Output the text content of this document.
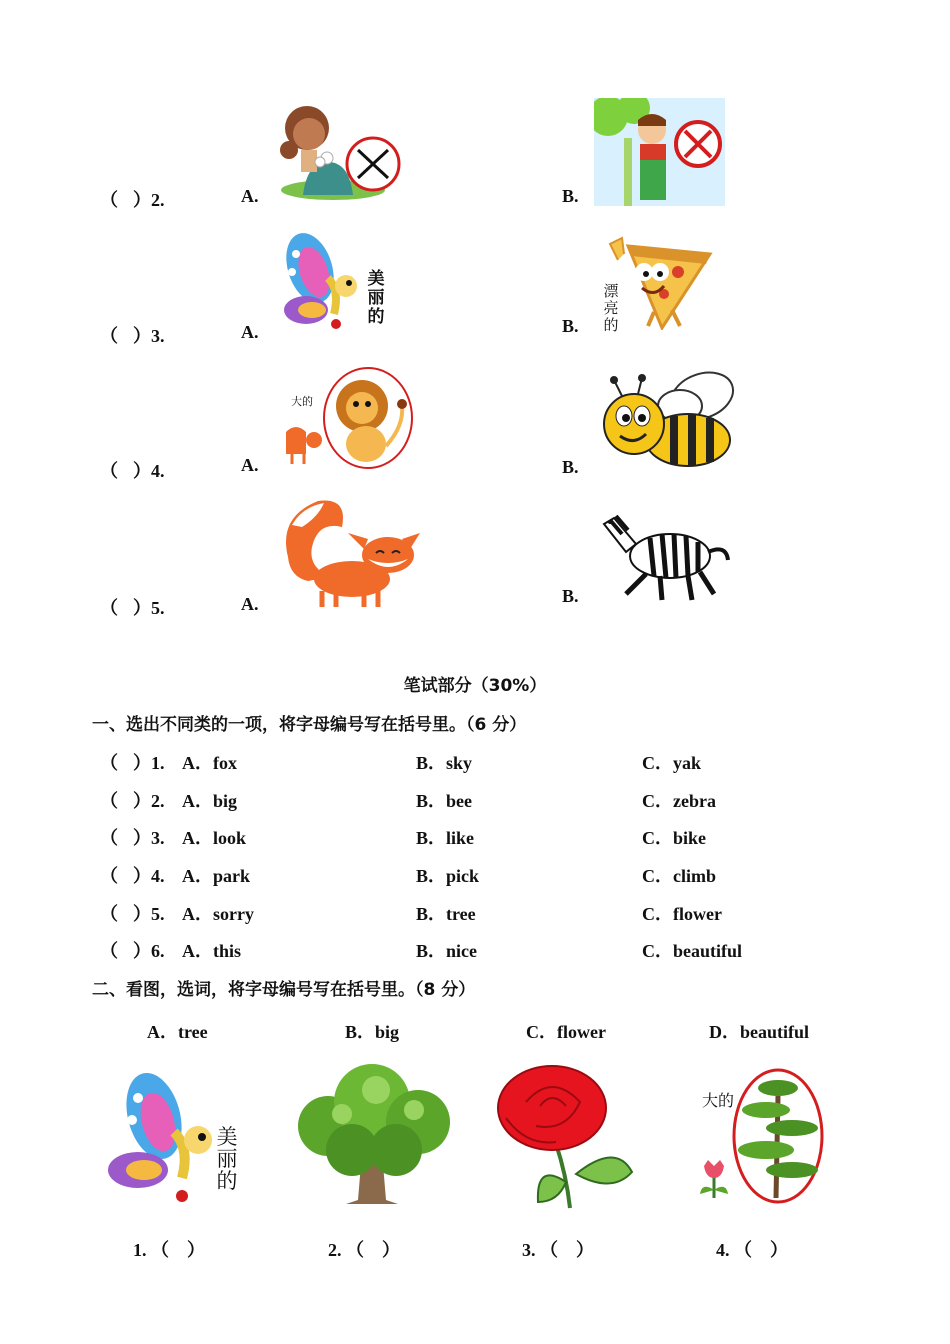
（ ）2.	A.	B.
（ ）3.	A.	B.
美
丽
的
漂
亮
的
（ ）4.	A.	B.
大的
（ ）5.	A.	B.
笔试部分（30%）
一、选出不同类的一项，将字母编号写在括号里。（6 分）
（ ）1. A．fox	B．sky	C．yak
（ ）2. A．big	B．bee	C．zebra
（ ）3. A．look	B．like	C．bike
（ ）4. A．park	B．pick	C．climb
（ ）5. A．sorry	B．tree	C．flower
（ ）6. A．this	B．nice	C．beautiful
二、看图，选词，将字母编号写在括号里。（8 分）
A．tree	B．big	C．flower	D．beautiful
美
丽
的
大的
1. （　）	2. （　）	3. （　）	4. （　）
